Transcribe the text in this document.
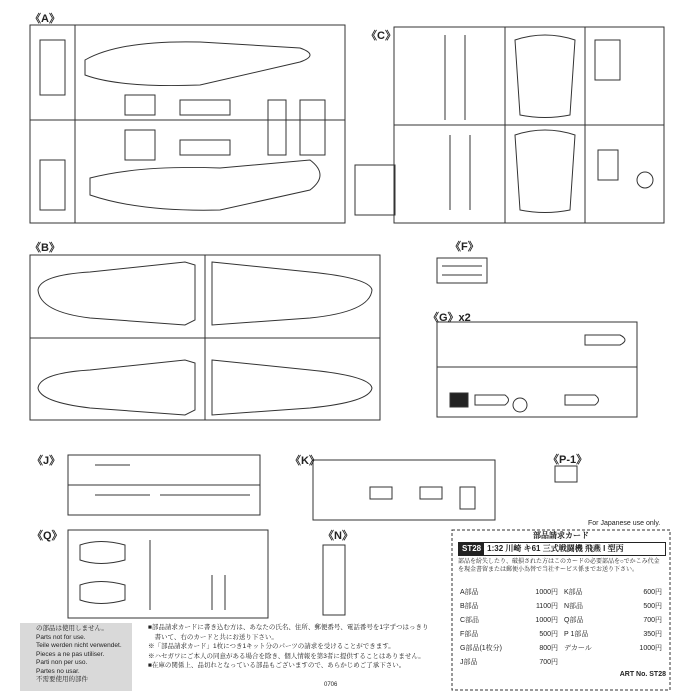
《A》
《B》
《C》
《F》
《G》x2
《J》	《K》	《P-1》
《Q》	《N》
の部品は使用しません。
Parts not for use.
Teile werden nicht verwendet.
Pieces a ne pas utiliser.
Parti non per uso.
Partes no usar.
不需要使用的部件
■部品請求カードに書き込む方は、あなたの氏名、住所、郵便番号、電話番号を1字ずつはっきり
　書いて、右のカードと共にお送り下さい。
※「部品請求カード」1枚につき1キット分のパーツの請求を受けることができます。
※ハセガワにご本人の同意がある場合を除き、個人情報を第3者に提供することはありません。
■在庫の関係上、品切れとなっている部品もございますので、あらかじめご了承下さい。
0706
For Japanese use only.
部品請求カード
ST28 1:32 川崎 キ61 三式戦闘機 飛燕 I 型丙
部品を紛失したり、破損された方はこのカードの必要部品を○でかこみ代金を現金書留または郵便小為替で当社サービス係までお送り下さい。
A部品	1000円
B部品	1100円
C部品	1000円
F部品	500円
G部品(1枚分)	800円
J部品	700円
K部品	600円
N部品	500円
Q部品	700円
P 1部品	350円
デカール	1000円
ART No. ST28
